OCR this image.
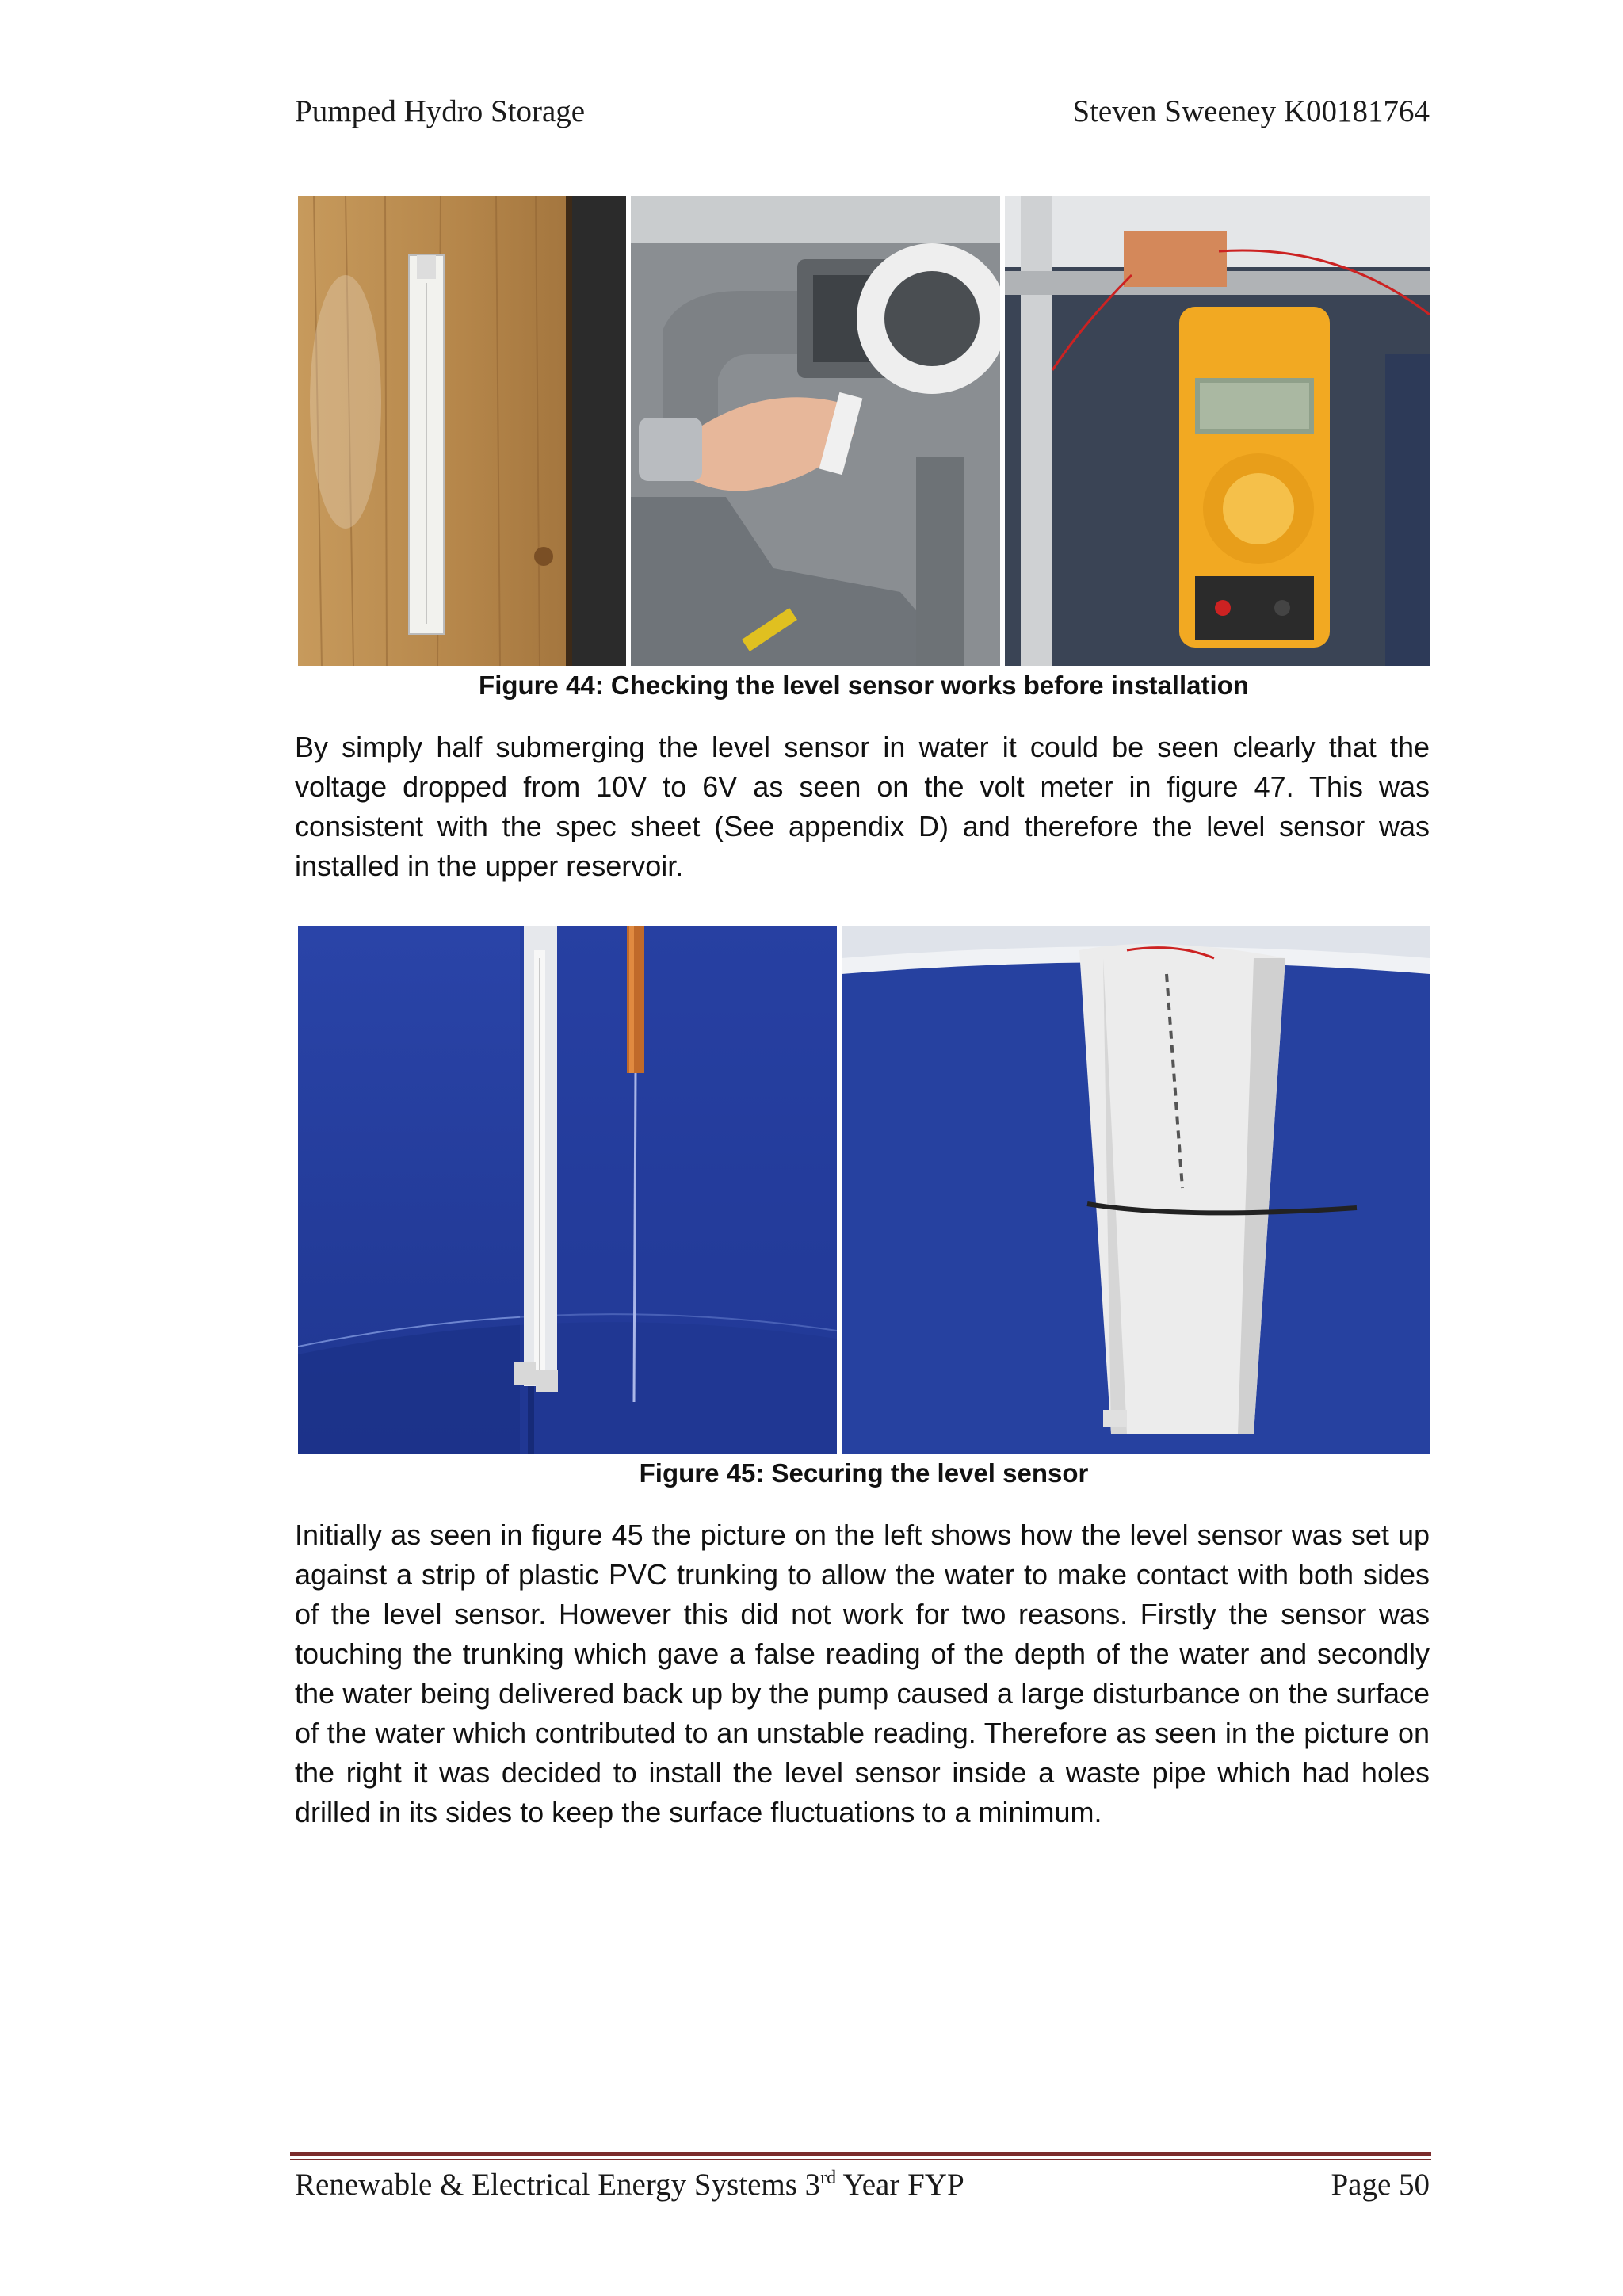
Pumped Hydro Storage	Steven Sweeney K00181764
Figure 44: Checking the level sensor works before installation

By simply half submerging the level sensor in water it could be seen clearly that the voltage dropped from 10V to 6V as seen on the volt meter in figure 47. This was consistent with the spec sheet (See appendix D) and therefore the level sensor was installed in the upper reservoir.

Figure 45: Securing the level sensor

Initially as seen in figure 45 the picture on the left shows how the level sensor was set up against a strip of plastic PVC trunking to allow the water to make contact with both sides of the level sensor. However this did not work for two reasons. Firstly the sensor was touching the trunking which gave a false reading of the depth of the water and secondly the water being delivered back up by the pump caused a large disturbance on the surface of the water which contributed to an unstable reading. Therefore as seen in the picture on the right it was decided to install the level sensor inside a waste pipe which had holes drilled in its sides to keep the surface fluctuations to a minimum.

Renewable & Electrical Energy Systems 3rd Year FYP	Page 50
